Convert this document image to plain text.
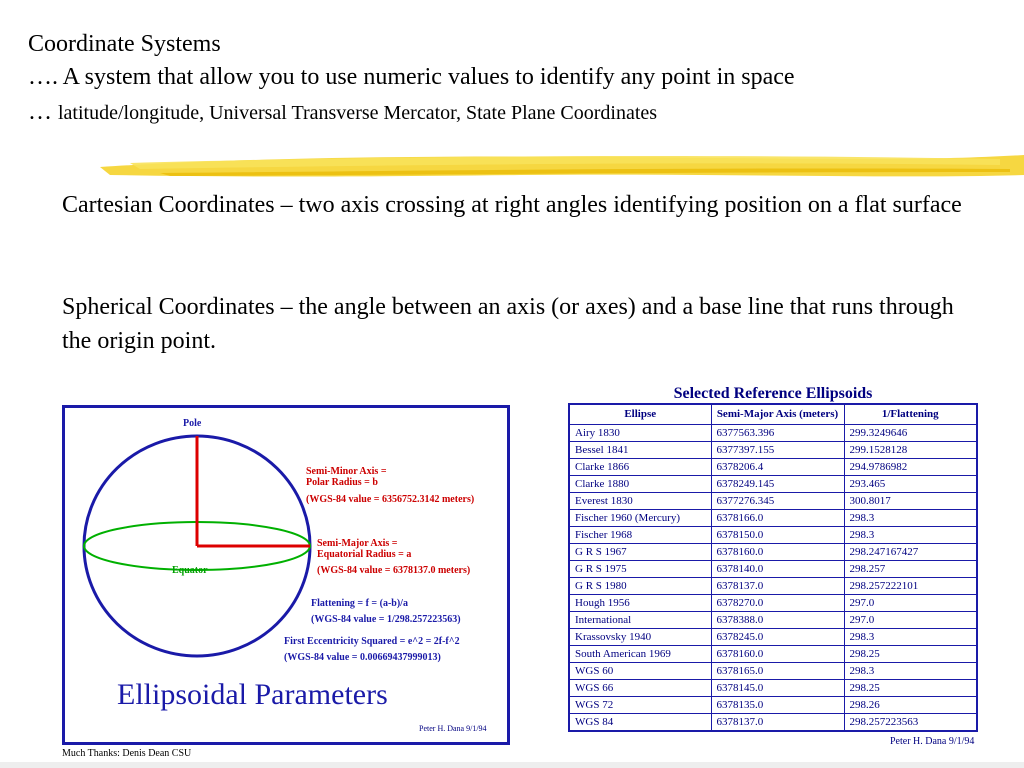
Coordinate Systems
…. A system that allow you to use numeric values to identify any point in space
… latitude/longitude, Universal Transverse Mercator, State Plane Coordinates
Cartesian Coordinates – two axis crossing at right angles identifying position on a flat surface
Spherical Coordinates – the angle between an axis (or axes) and a base line that runs through the origin point.
Pole
Equator
Semi-Minor Axis =
Polar Radius = b
(WGS-84 value = 6356752.3142 meters)
Semi-Major Axis =
Equatorial Radius = a
(WGS-84 value = 6378137.0 meters)
Flattening = f = (a-b)/a
(WGS-84 value = 1/298.257223563)
First Eccentricity Squared = e^2 = 2f-f^2
(WGS-84 value = 0.00669437999013)
Ellipsoidal Parameters
Peter H. Dana 9/1/94
Selected Reference Ellipsoids
Ellipse	Semi-Major Axis (meters)	1/Flattening
Airy 1830	6377563.396	299.3249646
Bessel 1841	6377397.155	299.1528128
Clarke 1866	6378206.4	294.9786982
Clarke 1880	6378249.145	293.465
Everest 1830	6377276.345	300.8017
Fischer 1960 (Mercury)	6378166.0	298.3
Fischer 1968	6378150.0	298.3
G R S 1967	6378160.0	298.247167427
G R S 1975	6378140.0	298.257
G R S 1980	6378137.0	298.257222101
Hough 1956	6378270.0	297.0
International	6378388.0	297.0
Krassovsky 1940	6378245.0	298.3
South American 1969	6378160.0	298.25
WGS 60	6378165.0	298.3
WGS 66	6378145.0	298.25
WGS 72	6378135.0	298.26
WGS 84	6378137.0	298.257223563
Peter H. Dana 9/1/94
Much Thanks: Denis Dean CSU
